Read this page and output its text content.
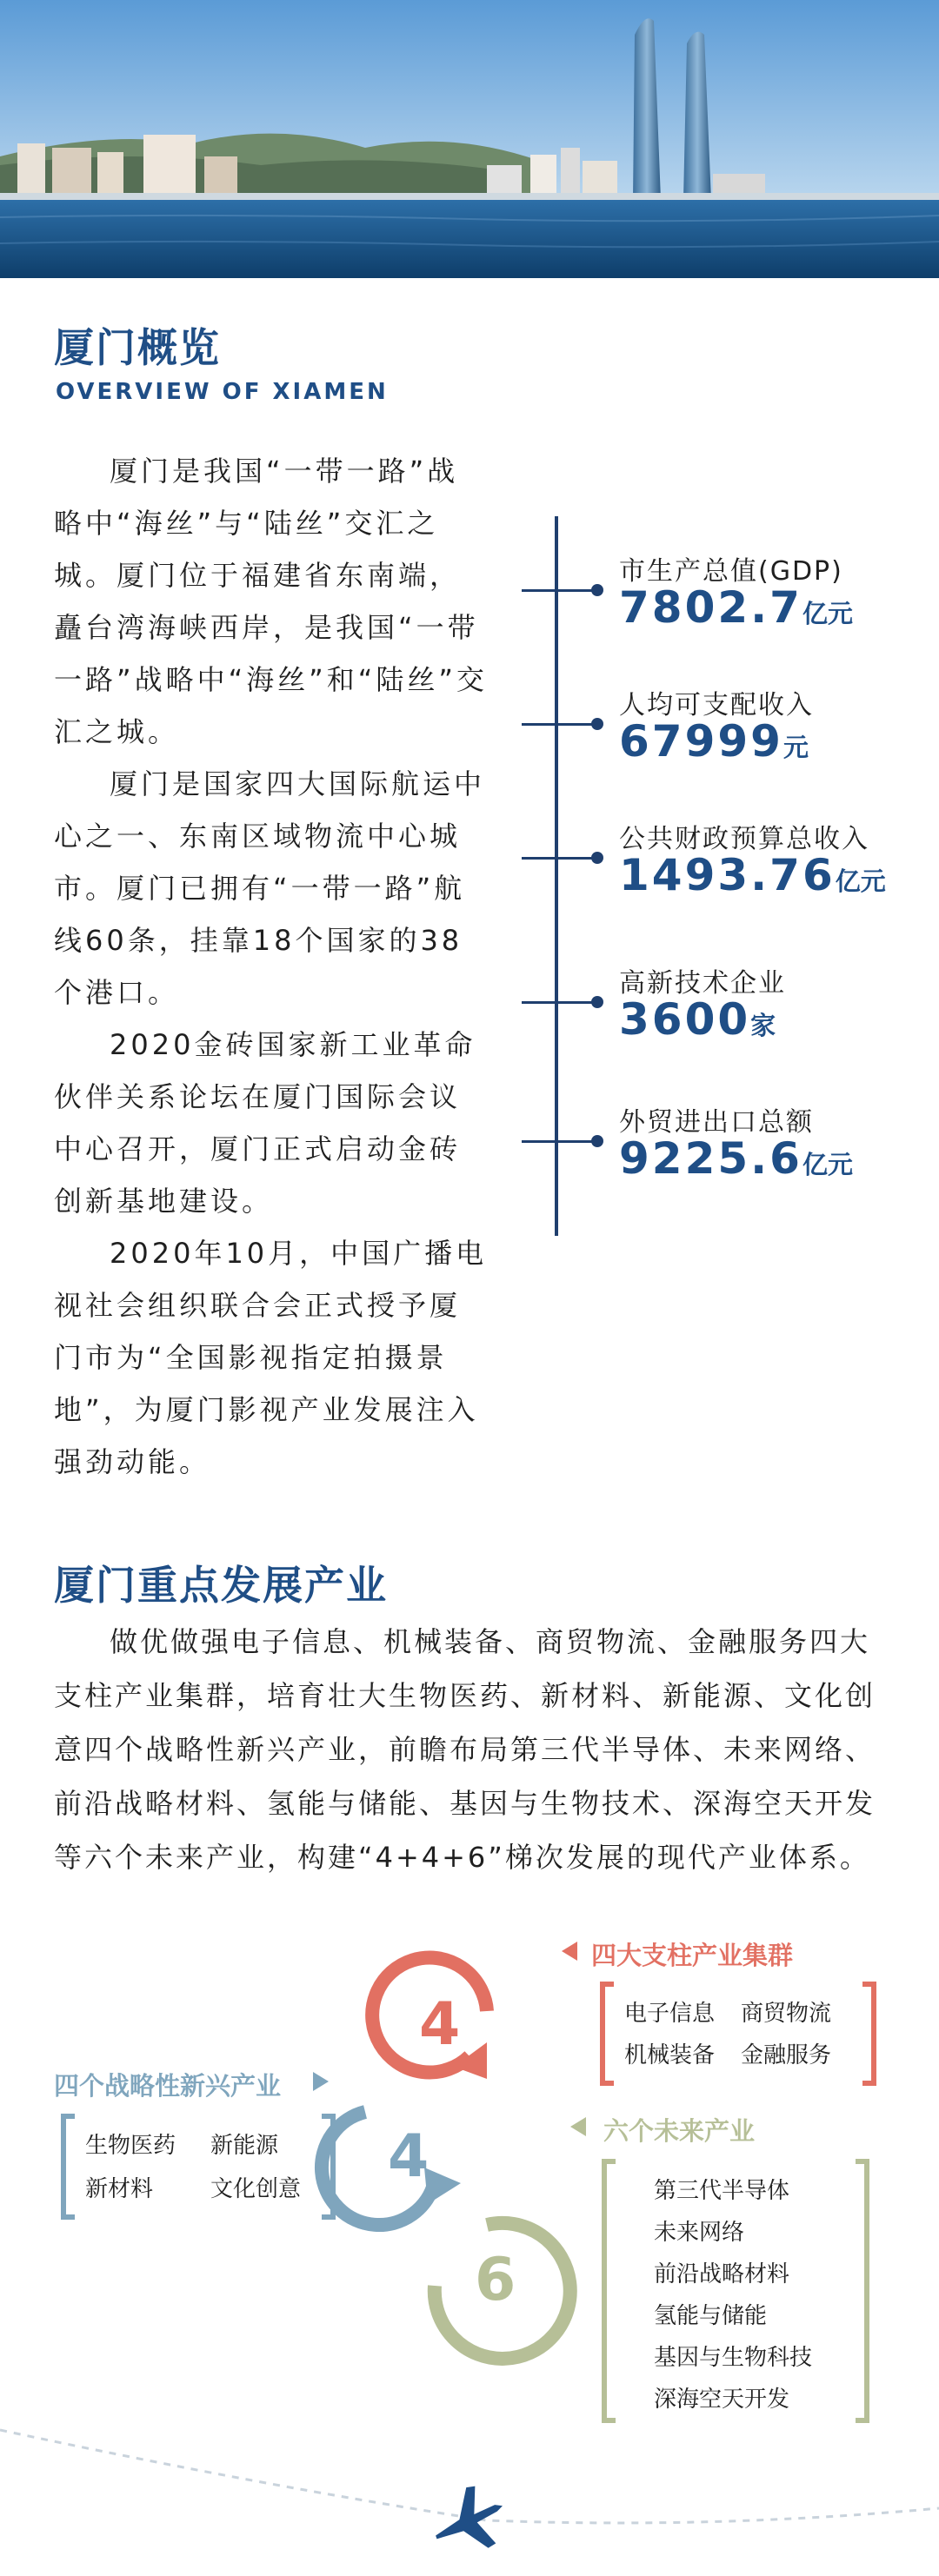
厦门概览
OVERVIEW OF XIAMEN

厦门是我国“一带一路”战略中“海丝”与“陆丝”交汇之城。厦门位于福建省东南端，矗台湾海峡西岸，是我国“一带一路”战略中“海丝”和“陆丝”交汇之城。

厦门是国家四大国际航运中心之一、东南区域物流中心城市。厦门已拥有“一带一路”航线60条，挂靠18个国家的38个港口。

2020金砖国家新工业革命伙伴关系论坛在厦门国际会议中心召开，厦门正式启动金砖创新基地建设。

2020年10月，中国广播电视社会组织联合会正式授予厦门市为“全国影视指定拍摄景地”，为厦门影视产业发展注入强劲动能。

市生产总值(GDP)
7802.7亿元
人均可支配收入
67999元
公共财政预算总收入
1493.76亿元
高新技术企业
3600家
外贸进出口总额
9225.6亿元
厦门重点发展产业

做优做强电子信息、机械装备、商贸物流、金融服务四大支柱产业集群，培育壮大生物医药、新材料、新能源、文化创意四个战略性新兴产业，前瞻布局第三代半导体、未来网络、前沿战略材料、氢能与储能、基因与生物技术、深海空天开发等六个未来产业，构建“4+4+6”梯次发展的现代产业体系。

4
4
6
四大支柱产业集群
电子信息 商贸物流
机械装备 金融服务
四个战略性新兴产业
生物医药 新能源
新材料	文化创意
六个未来产业
第三代半导体
未来网络
前沿战略材料
氢能与储能
基因与生物科技
深海空天开发
